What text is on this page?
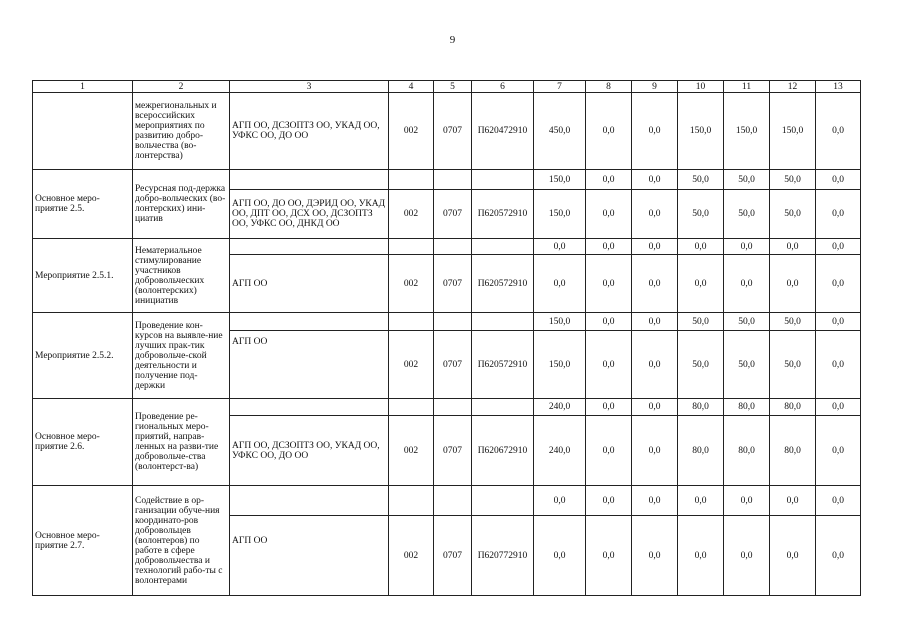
9
1	2	3	4	5	6	7	8	9	10	11	12	13
	межрегиональных и всероссийских мероприятиях по развитию добро-вольчества (во-лонтерства)	АГП ОО, ДСЗОПТЗ ОО, УКАД ОО, УФКС ОО, ДО ОО	002	0707	П620472910	450,0	0,0	0,0	150,0	150,0	150,0	0,0
Основное меро-приятие 2.5.	Ресурсная под-держка добро-вольческих (во-лонтерских) ини-циатив					150,0	0,0	0,0	50,0	50,0	50,0	0,0
		АГП ОО, ДО ОО, ДЭРИД ОО, УКАД ОО, ДПТ ОО, ДСХ ОО, ДСЗОПТЗ ОО, УФКС ОО, ДНКД ОО	002	0707	П620572910	150,0	0,0	0,0	50,0	50,0	50,0	0,0
Мероприятие 2.5.1.	Нематериальное стимулирование участников добровольческих (волонтерских) инициатив					0,0	0,0	0,0	0,0	0,0	0,0	0,0
		АГП ОО	002	0707	П620572910	0,0	0,0	0,0	0,0	0,0	0,0	0,0
Мероприятие 2.5.2.	Проведение кон-курсов на выявле-ние лучших прак-тик добровольче-ской деятельности и получение под-держки					150,0	0,0	0,0	50,0	50,0	50,0	0,0
		АГП ОО	002	0707	П620572910	150,0	0,0	0,0	50,0	50,0	50,0	0,0
Основное меро-приятие 2.6.	Проведение ре-гиональных меро-приятий, направ-ленных на разви-тие добровольче-ства (волонтерст-ва)					240,0	0,0	0,0	80,0	80,0	80,0	0,0
		АГП ОО, ДСЗОПТЗ ОО, УКАД ОО, УФКС ОО, ДО ОО	002	0707	П620672910	240,0	0,0	0,0	80,0	80,0	80,0	0,0
Основное меро-приятие 2.7.	Содействие в ор-ганизации обуче-ния координато-ров добровольцев (волонтеров) по работе в сфере добровольчества и технологий рабо-ты с волонтерами					0,0	0,0	0,0	0,0	0,0	0,0	0,0
		АГП ОО	002	0707	П620772910	0,0	0,0	0,0	0,0	0,0	0,0	0,0
